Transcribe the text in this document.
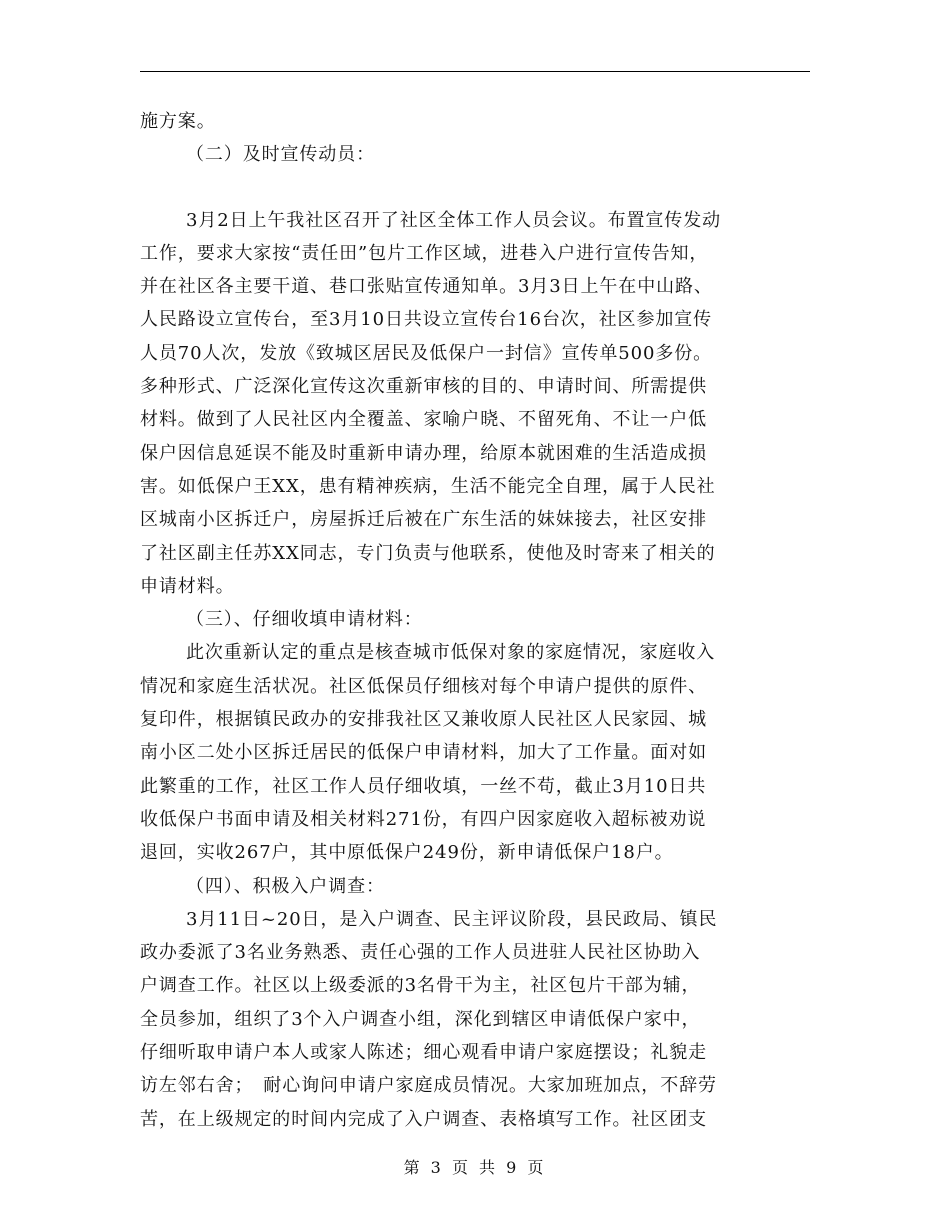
施方案。
（二）及时宣传动员：
3月2日上午我社区召开了社区全体工作人员会议。布置宣传发动
工作，要求大家按“责任田”包片工作区域，进巷入户进行宣传告知，
并在社区各主要干道、巷口张贴宣传通知单。3月3日上午在中山路、
人民路设立宣传台，至3月10日共设立宣传台16台次，社区参加宣传
人员70人次，发放《致城区居民及低保户一封信》宣传单500多份。
多种形式、广泛深化宣传这次重新审核的目的、申请时间、所需提供
材料。做到了人民社区内全覆盖、家喻户晓、不留死角、不让一户低
保户因信息延误不能及时重新申请办理，给原本就困难的生活造成损
害。如低保户王XX，患有精神疾病，生活不能完全自理，属于人民社
区城南小区拆迁户，房屋拆迁后被在广东生活的妹妹接去，社区安排
了社区副主任苏XX同志，专门负责与他联系，使他及时寄来了相关的
申请材料。
（三）、仔细收填申请材料：
此次重新认定的重点是核查城市低保对象的家庭情况，家庭收入
情况和家庭生活状况。社区低保员仔细核对每个申请户提供的原件、
复印件，根据镇民政办的安排我社区又兼收原人民社区人民家园、城
南小区二处小区拆迁居民的低保户申请材料，加大了工作量。面对如
此繁重的工作，社区工作人员仔细收填，一丝不苟，截止3月10日共
收低保户书面申请及相关材料271份，有四户因家庭收入超标被劝说
退回，实收267户，其中原低保户249份，新申请低保户18户。
（四）、积极入户调查：
3月11日~20日，是入户调查、民主评议阶段，县民政局、镇民
政办委派了3名业务熟悉、责任心强的工作人员进驻人民社区协助入
户调查工作。社区以上级委派的3名骨干为主，社区包片干部为辅，
全员参加，组织了3个入户调查小组，深化到辖区申请低保户家中，
仔细听取申请户本人或家人陈述；细心观看申请户家庭摆设；礼貌走
访左邻右舍；　耐心询问申请户家庭成员情况。大家加班加点，不辞劳
苦，在上级规定的时间内完成了入户调查、表格填写工作。社区团支
第 3 页 共 9 页
